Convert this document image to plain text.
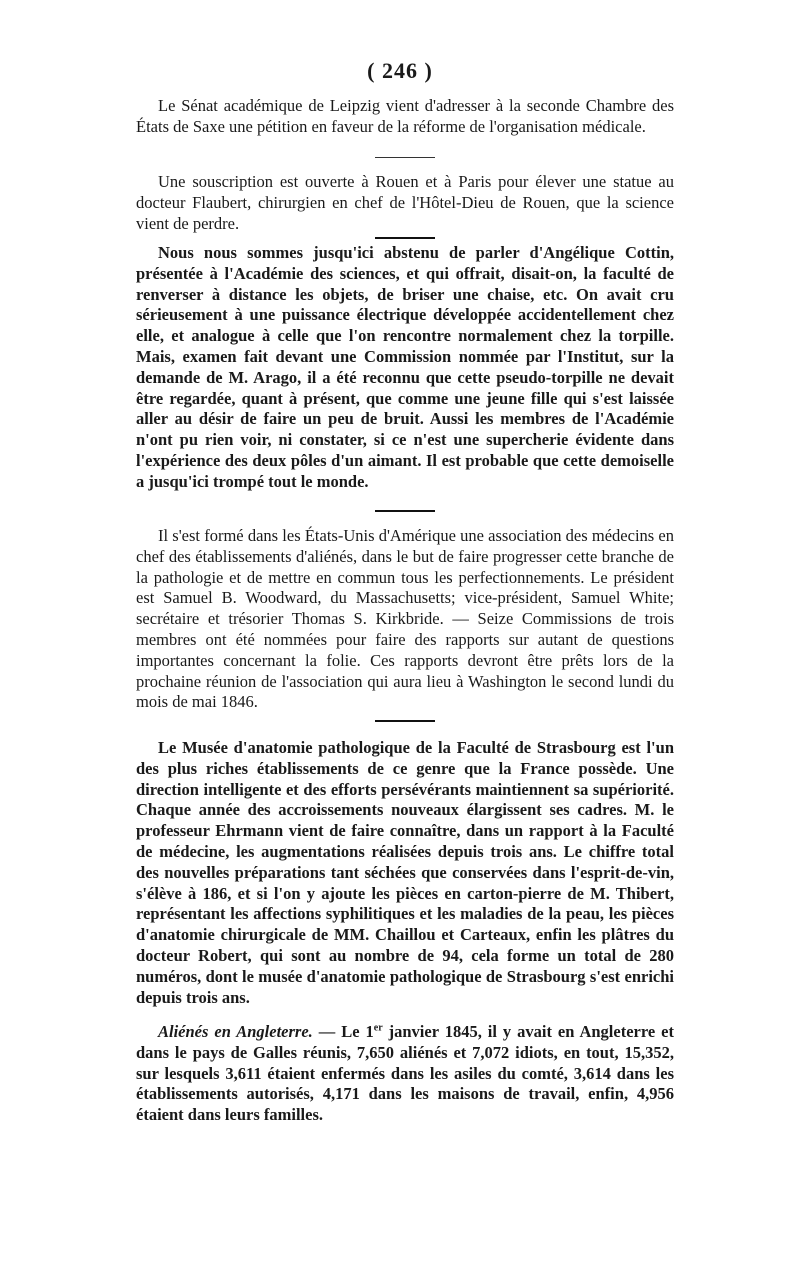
( 246 )

Le Sénat académique de Leipzig vient d'adresser à la seconde Chambre des États de Saxe une pétition en faveur de la réforme de l'organisation médicale.

Une souscription est ouverte à Rouen et à Paris pour élever une statue au docteur Flaubert, chirurgien en chef de l'Hôtel-Dieu de Rouen, que la science vient de perdre.

Nous nous sommes jusqu'ici abstenu de parler d'Angélique Cottin, présentée à l'Académie des sciences, et qui offrait, disait-on, la faculté de renverser à distance les objets, de briser une chaise, etc. On avait cru sérieusement à une puissance électrique développée accidentellement chez elle, et analogue à celle que l'on rencontre normalement chez la torpille. Mais, examen fait devant une Commission nommée par l'Institut, sur la demande de M. Arago, il a été reconnu que cette pseudo-torpille ne devait être regardée, quant à présent, que comme une jeune fille qui s'est laissée aller au désir de faire un peu de bruit. Aussi les membres de l'Académie n'ont pu rien voir, ni constater, si ce n'est une supercherie évidente dans l'expérience des deux pôles d'un aimant. Il est probable que cette demoiselle a jusqu'ici trompé tout le monde.

Il s'est formé dans les États-Unis d'Amérique une association des médecins en chef des établissements d'aliénés, dans le but de faire progresser cette branche de la pathologie et de mettre en commun tous les perfectionnements. Le président est Samuel B. Woodward, du Massachusetts; vice-président, Samuel White; secrétaire et trésorier Thomas S. Kirkbride. — Seize Commissions de trois membres ont été nommées pour faire des rapports sur autant de questions importantes concernant la folie. Ces rapports devront être prêts lors de la prochaine réunion de l'association qui aura lieu à Washington le second lundi du mois de mai 1846.

Le Musée d'anatomie pathologique de la Faculté de Strasbourg est l'un des plus riches établissements de ce genre que la France possède. Une direction intelligente et des efforts persévérants maintiennent sa supériorité. Chaque année des accroissements nouveaux élargissent ses cadres. M. le professeur Ehrmann vient de faire connaître, dans un rapport à la Faculté de médecine, les augmentations réalisées depuis trois ans. Le chiffre total des nouvelles préparations tant séchées que conservées dans l'esprit-de-vin, s'élève à 186, et si l'on y ajoute les pièces en carton-pierre de M. Thibert, représentant les affections syphilitiques et les maladies de la peau, les pièces d'anatomie chirurgicale de MM. Chaillou et Carteaux, enfin les plâtres du docteur Robert, qui sont au nombre de 94, cela forme un total de 280 numéros, dont le musée d'anatomie pathologique de Strasbourg s'est enrichi depuis trois ans.

Aliénés en Angleterre. — Le 1er janvier 1845, il y avait en Angleterre et dans le pays de Galles réunis, 7,650 aliénés et 7,072 idiots, en tout, 15,352, sur lesquels 3,611 étaient enfermés dans les asiles du comté, 3,614 dans les établissements autorisés, 4,171 dans les maisons de travail, enfin, 4,956 étaient dans leurs familles.
